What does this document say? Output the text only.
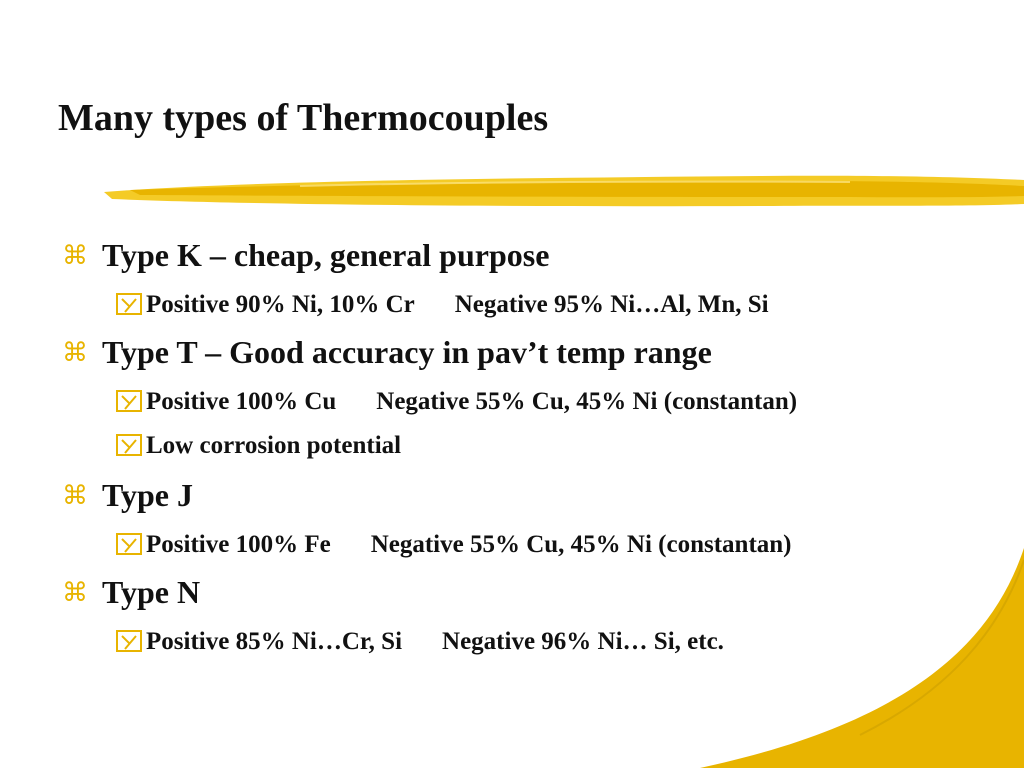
Many types of Thermocouples
⌘ Type K – cheap, general purpose
Positive 90% Ni, 10% Cr Negative 95% Ni…Al, Mn, Si
⌘ Type T – Good accuracy in pav’t temp range
Positive 100% Cu Negative 55% Cu, 45% Ni (constantan)
Low corrosion potential
⌘ Type J
Positive 100% Fe Negative 55% Cu, 45% Ni (constantan)
⌘ Type N
Positive 85% Ni…Cr, Si Negative 96% Ni… Si, etc.
